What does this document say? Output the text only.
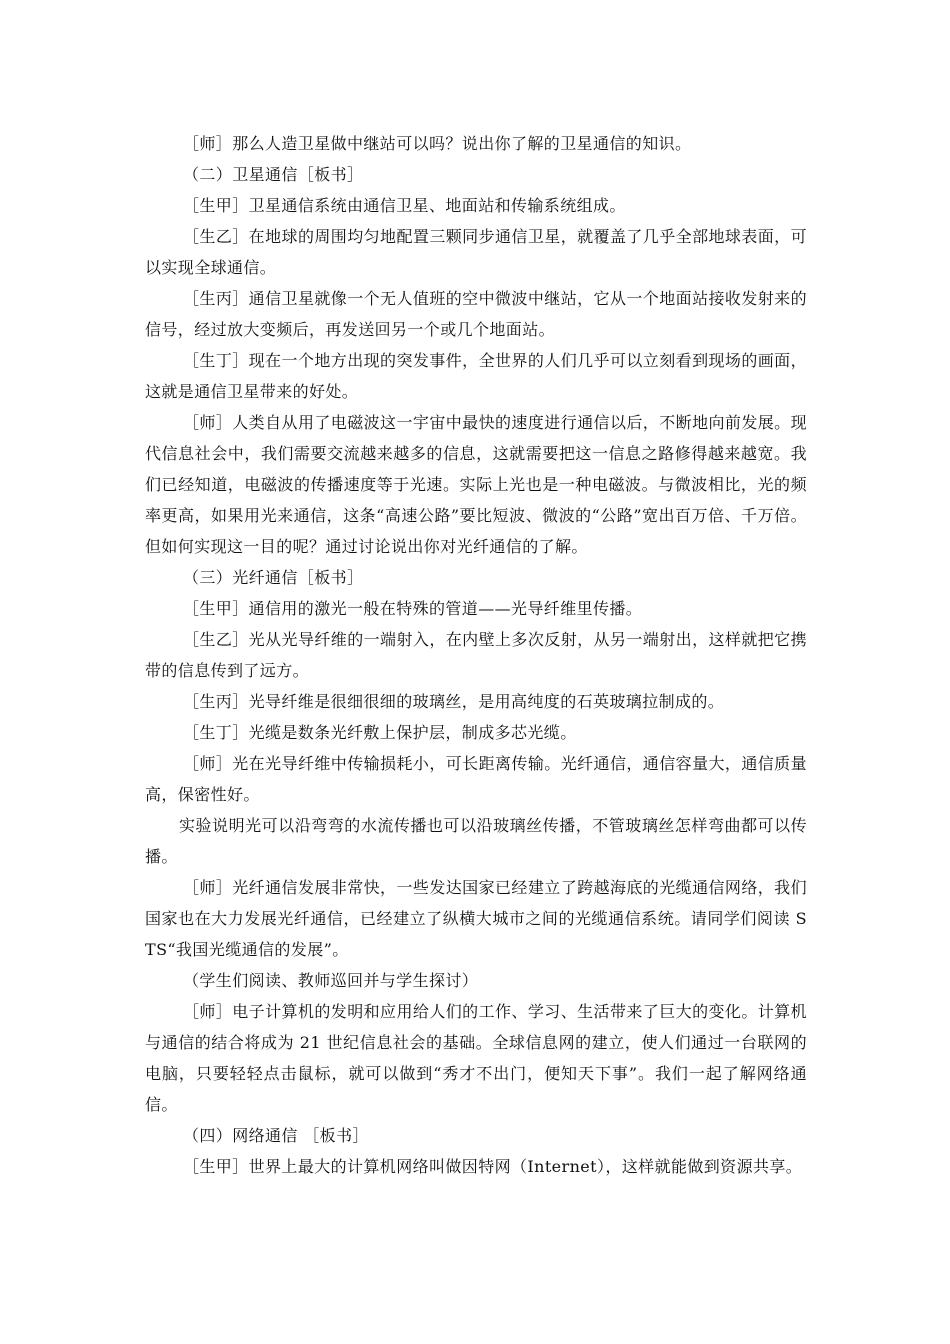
［师］那么人造卫星做中继站可以吗？说出你了解的卫星通信的知识。

（二）卫星通信［板书］

［生甲］卫星通信系统由通信卫星、地面站和传输系统组成。

［生乙］在地球的周围均匀地配置三颗同步通信卫星，就覆盖了几乎全部地球表面，可以实现全球通信。

［生丙］通信卫星就像一个无人值班的空中微波中继站，它从一个地面站接收发射来的信号，经过放大变频后，再发送回另一个或几个地面站。

［生丁］现在一个地方出现的突发事件，全世界的人们几乎可以立刻看到现场的画面，这就是通信卫星带来的好处。

［师］人类自从用了电磁波这一宇宙中最快的速度进行通信以后，不断地向前发展。现代信息社会中，我们需要交流越来越多的信息，这就需要把这一信息之路修得越来越宽。我们已经知道，电磁波的传播速度等于光速。实际上光也是一种电磁波。与微波相比，光的频率更高，如果用光来通信，这条“高速公路”要比短波、微波的“公路”宽出百万倍、千万倍。但如何实现这一目的呢？通过讨论说出你对光纤通信的了解。

（三）光纤通信［板书］

［生甲］通信用的激光一般在特殊的管道——光导纤维里传播。

［生乙］光从光导纤维的一端射入，在内壁上多次反射，从另一端射出，这样就把它携带的信息传到了远方。

［生丙］光导纤维是很细很细的玻璃丝，是用高纯度的石英玻璃拉制成的。

［生丁］光缆是数条光纤敷上保护层，制成多芯光缆。

［师］光在光导纤维中传输损耗小，可长距离传输。光纤通信，通信容量大，通信质量高，保密性好。

实验说明光可以沿弯弯的水流传播也可以沿玻璃丝传播，不管玻璃丝怎样弯曲都可以传播。

［师］光纤通信发展非常快，一些发达国家已经建立了跨越海底的光缆通信网络，我们国家也在大力发展光纤通信，已经建立了纵横大城市之间的光缆通信系统。请同学们阅读 STS“我国光缆通信的发展”。

（学生们阅读、教师巡回并与学生探讨）

［师］电子计算机的发明和应用给人们的工作、学习、生活带来了巨大的变化。计算机与通信的结合将成为 21 世纪信息社会的基础。全球信息网的建立，使人们通过一台联网的电脑，只要轻轻点击鼠标，就可以做到“秀才不出门，便知天下事”。我们一起了解网络通信。

（四）网络通信 ［板书］

［生甲］世界上最大的计算机网络叫做因特网（Internet），这样就能做到资源共享。
